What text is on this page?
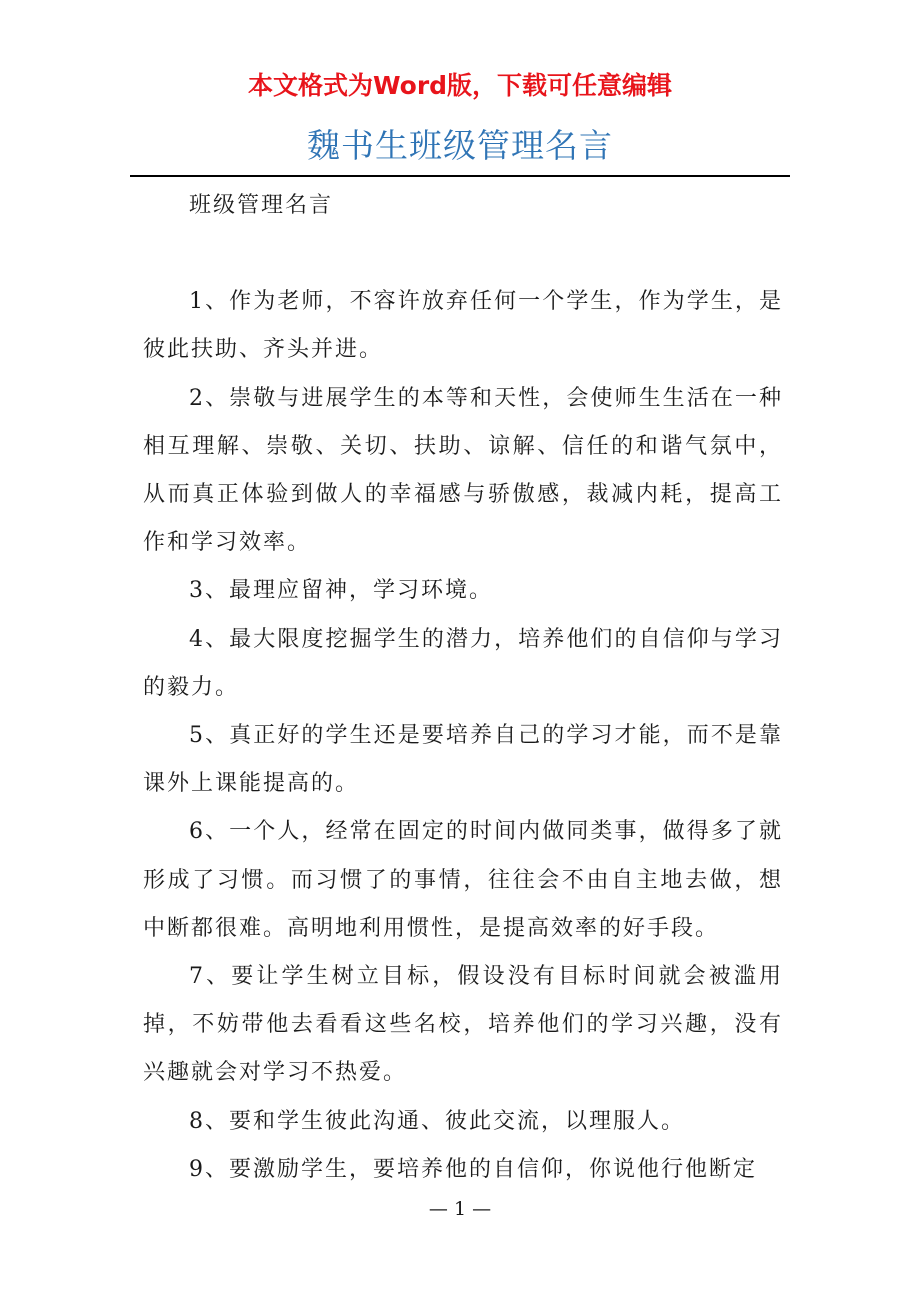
本文格式为Word版，下载可任意编辑
魏书生班级管理名言

班级管理名言

1、作为老师，不容许放弃任何一个学生，作为学生，是彼此扶助、齐头并进。

2、崇敬与进展学生的本等和天性，会使师生生活在一种相互理解、崇敬、关切、扶助、谅解、信任的和谐气氛中，从而真正体验到做人的幸福感与骄傲感，裁减内耗，提高工作和学习效率。

3、最理应留神，学习环境。

4、最大限度挖掘学生的潜力，培养他们的自信仰与学习的毅力。

5、真正好的学生还是要培养自己的学习才能，而不是靠课外上课能提高的。

6、一个人，经常在固定的时间内做同类事，做得多了就形成了习惯。而习惯了的事情，往往会不由自主地去做，想中断都很难。高明地利用惯性，是提高效率的好手段。

7、要让学生树立目标，假设没有目标时间就会被滥用掉，不妨带他去看看这些名校，培养他们的学习兴趣，没有兴趣就会对学习不热爱。

8、要和学生彼此沟通、彼此交流，以理服人。

9、要激励学生，要培养他的自信仰，你说他行他断定

— 1 —
